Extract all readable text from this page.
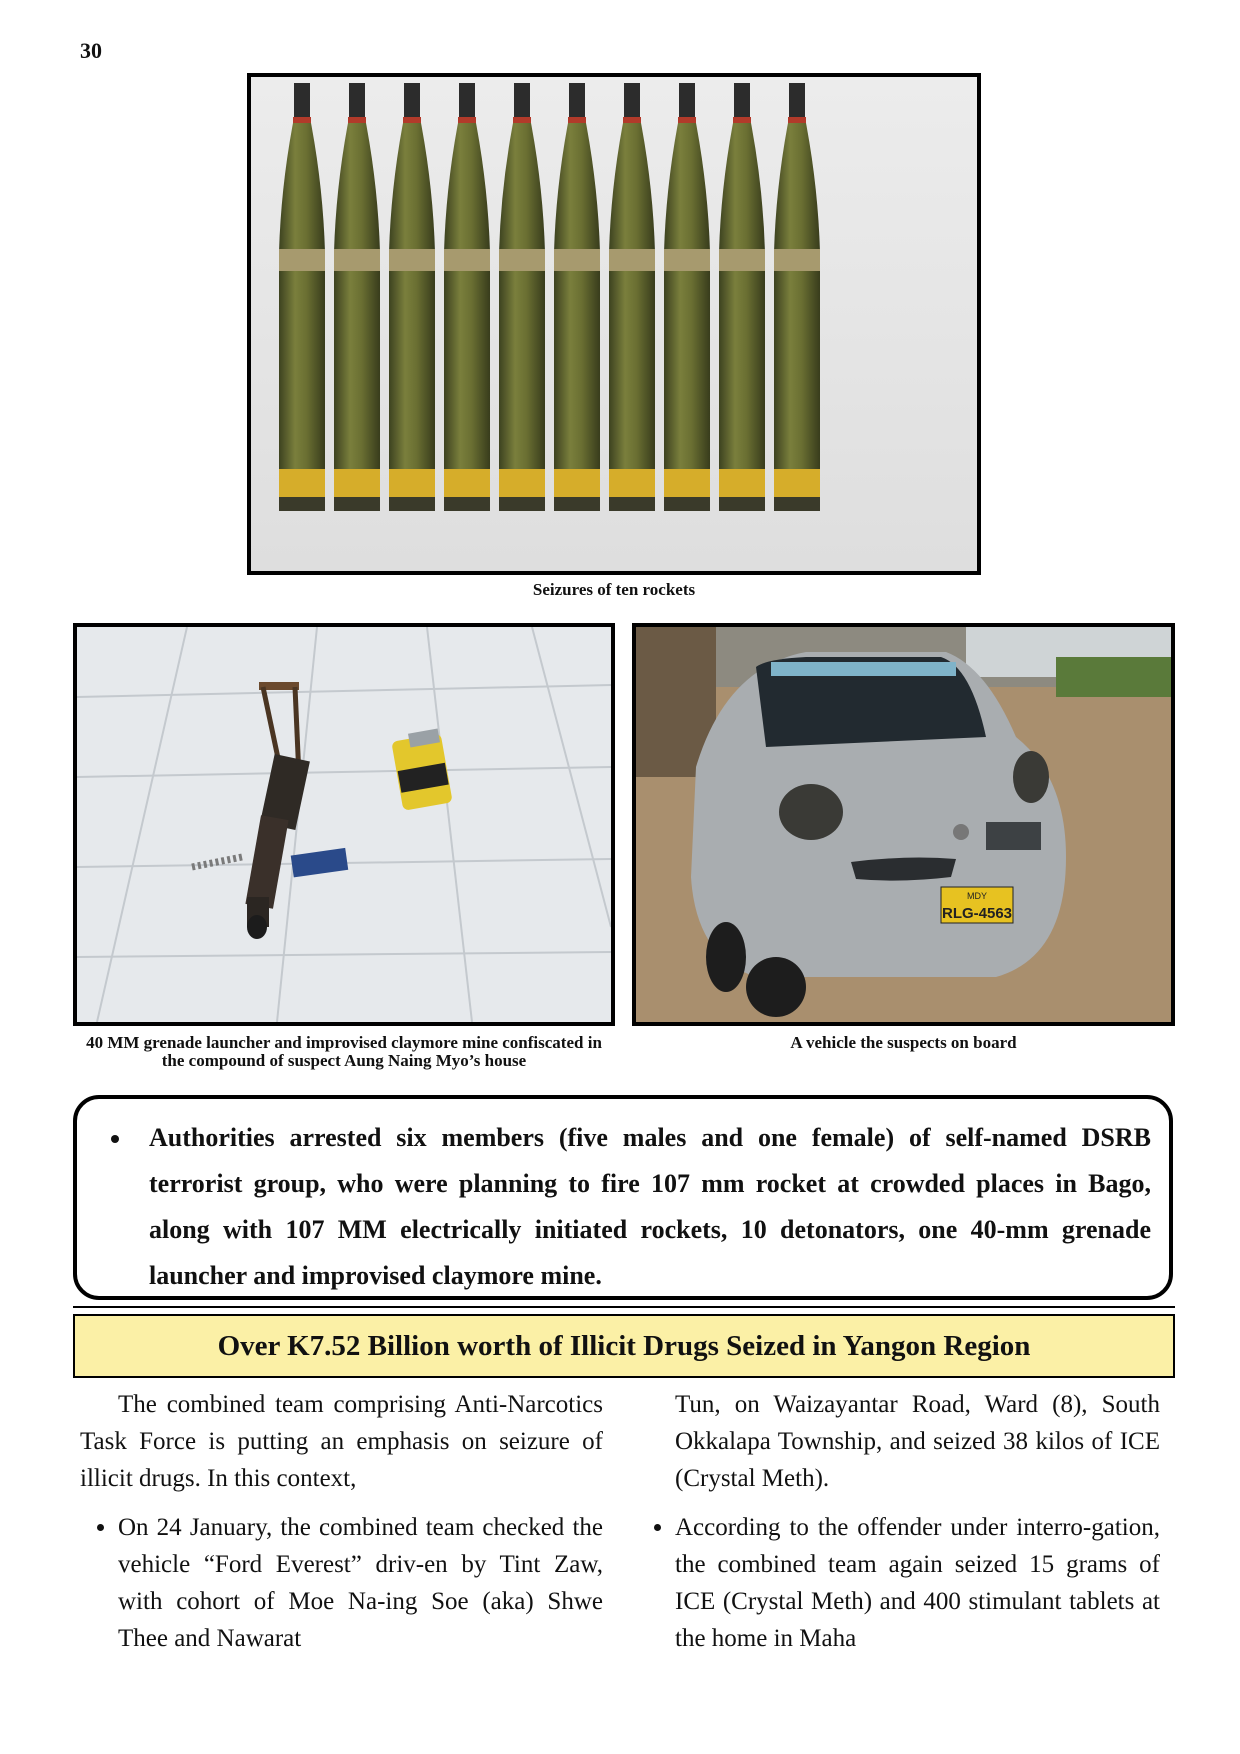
30
Seizures of ten rockets
40 MM grenade launcher and improvised claymore mine confiscated in the compound of suspect Aung Naing Myo’s house
MDY
RLG-4563
A vehicle the suspects on board
• Authorities arrested six members (five males and one female) of self-named DSRB terrorist group, who were planning to fire 107 mm rocket at crowded places in Bago, along with 107 MM electrically initiated rockets, 10 detonators, one 40-mm grenade launcher and improvised claymore mine.
Over K7.52 Billion worth of Illicit Drugs Seized in Yangon Region

The combined team comprising Anti-Narcotics Task Force is putting an emphasis on seizure of illicit drugs. In this context,

• On 24 January, the combined team checked the vehicle “Ford Everest” driv-en by Tint Zaw, with cohort of Moe Na-ing Soe (aka) Shwe Thee and Nawarat

Tun, on Waizayantar Road, Ward (8), South Okkalapa Township, and seized 38 kilos of ICE (Crystal Meth).

• According to the offender under interro-gation, the combined team again seized 15 grams of ICE (Crystal Meth) and 400 stimulant tablets at the home in Maha
